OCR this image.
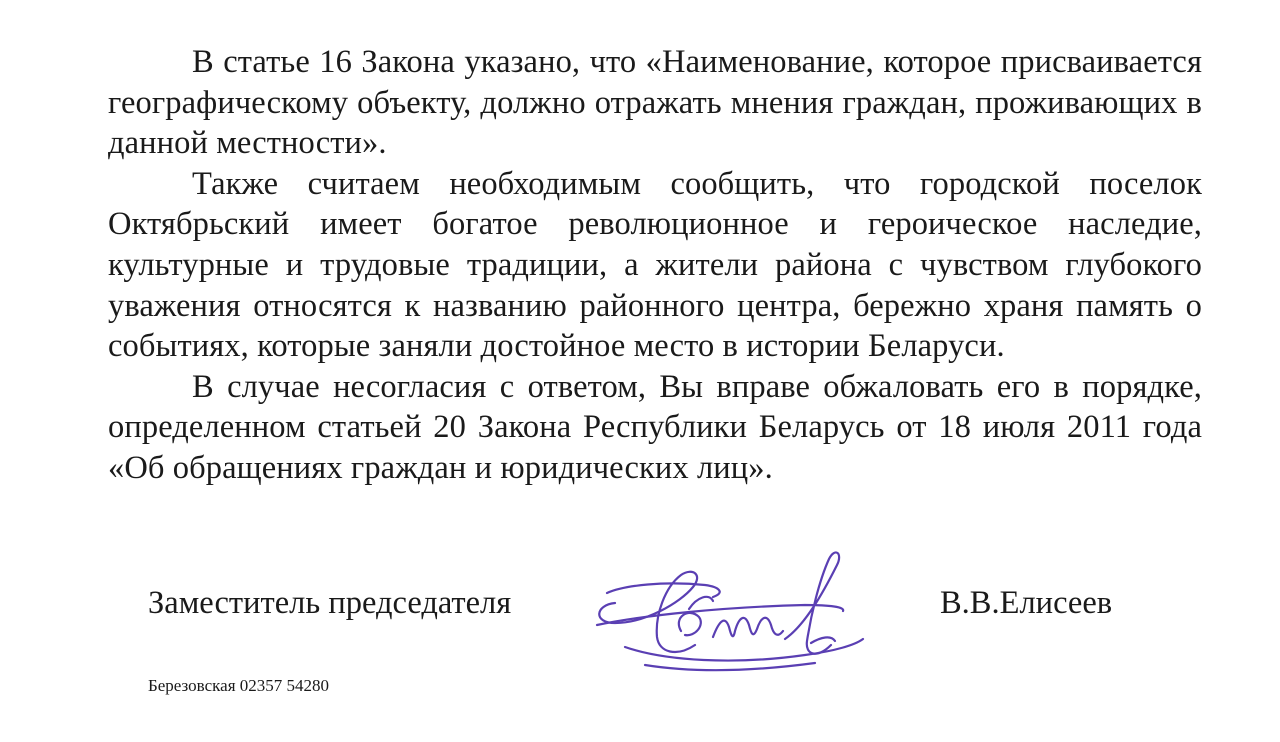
В статье 16 Закона указано, что «Наименование, которое присваивается географическому объекту, должно отражать мнения граждан, проживающих в данной местности».

Также считаем необходимым сообщить, что городской поселок Октябрьский имеет богатое революционное и героическое наследие, культурные и трудовые традиции, а жители района с чувством глубокого уважения относятся к названию районного центра, бережно храня память о событиях, которые заняли достойное место в истории Беларуси.

В случае несогласия с ответом, Вы вправе обжаловать его в порядке, определенном статьей 20 Закона Республики Беларусь от 18 июля 2011 года «Об обращениях граждан и юридических лиц».

Заместитель председателя	В.В.Елисеев
Березовская 02357 54280
